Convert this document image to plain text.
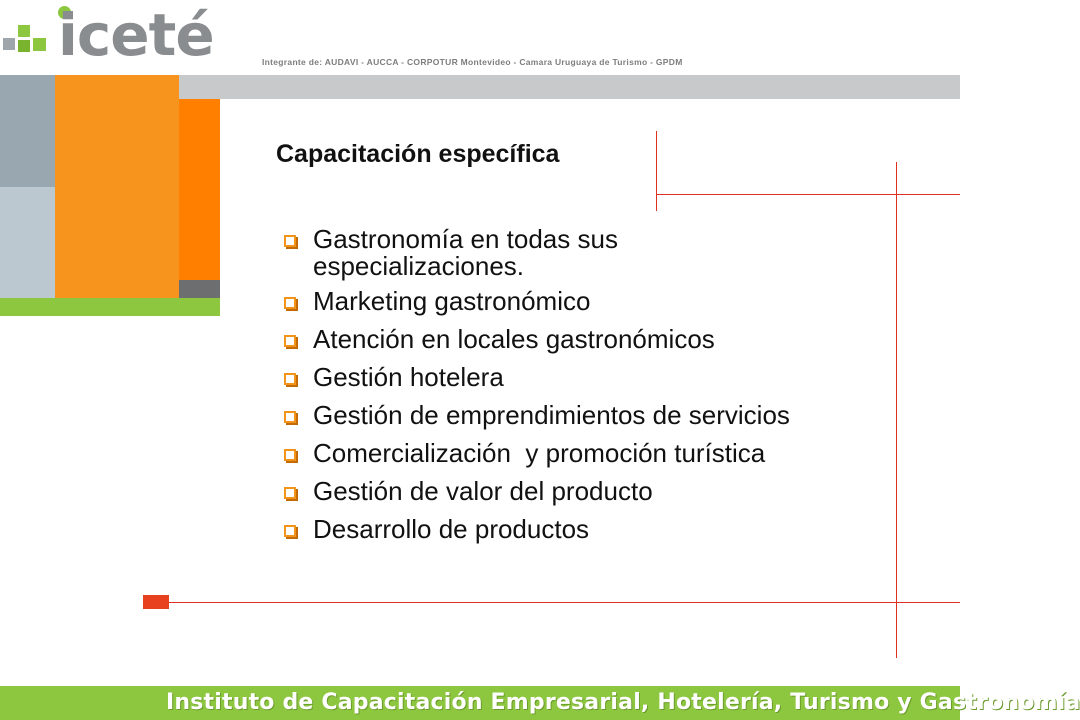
iceté	Integrante de: AUDAVI - AUCCA - CORPOTUR Montevideo - Camara Uruguaya de Turismo - GPDM
Capacitación específica
Gastronomía en todas sus especializaciones.
Marketing gastronómico
Atención en locales gastronómicos
Gestión hotelera
Gestión de emprendimientos de servicios
Comercialización  y promoción turística
Gestión de valor del producto
Desarrollo de productos
Instituto de Capacitación Empresarial, Hotelería, Turismo y Gastronomía
